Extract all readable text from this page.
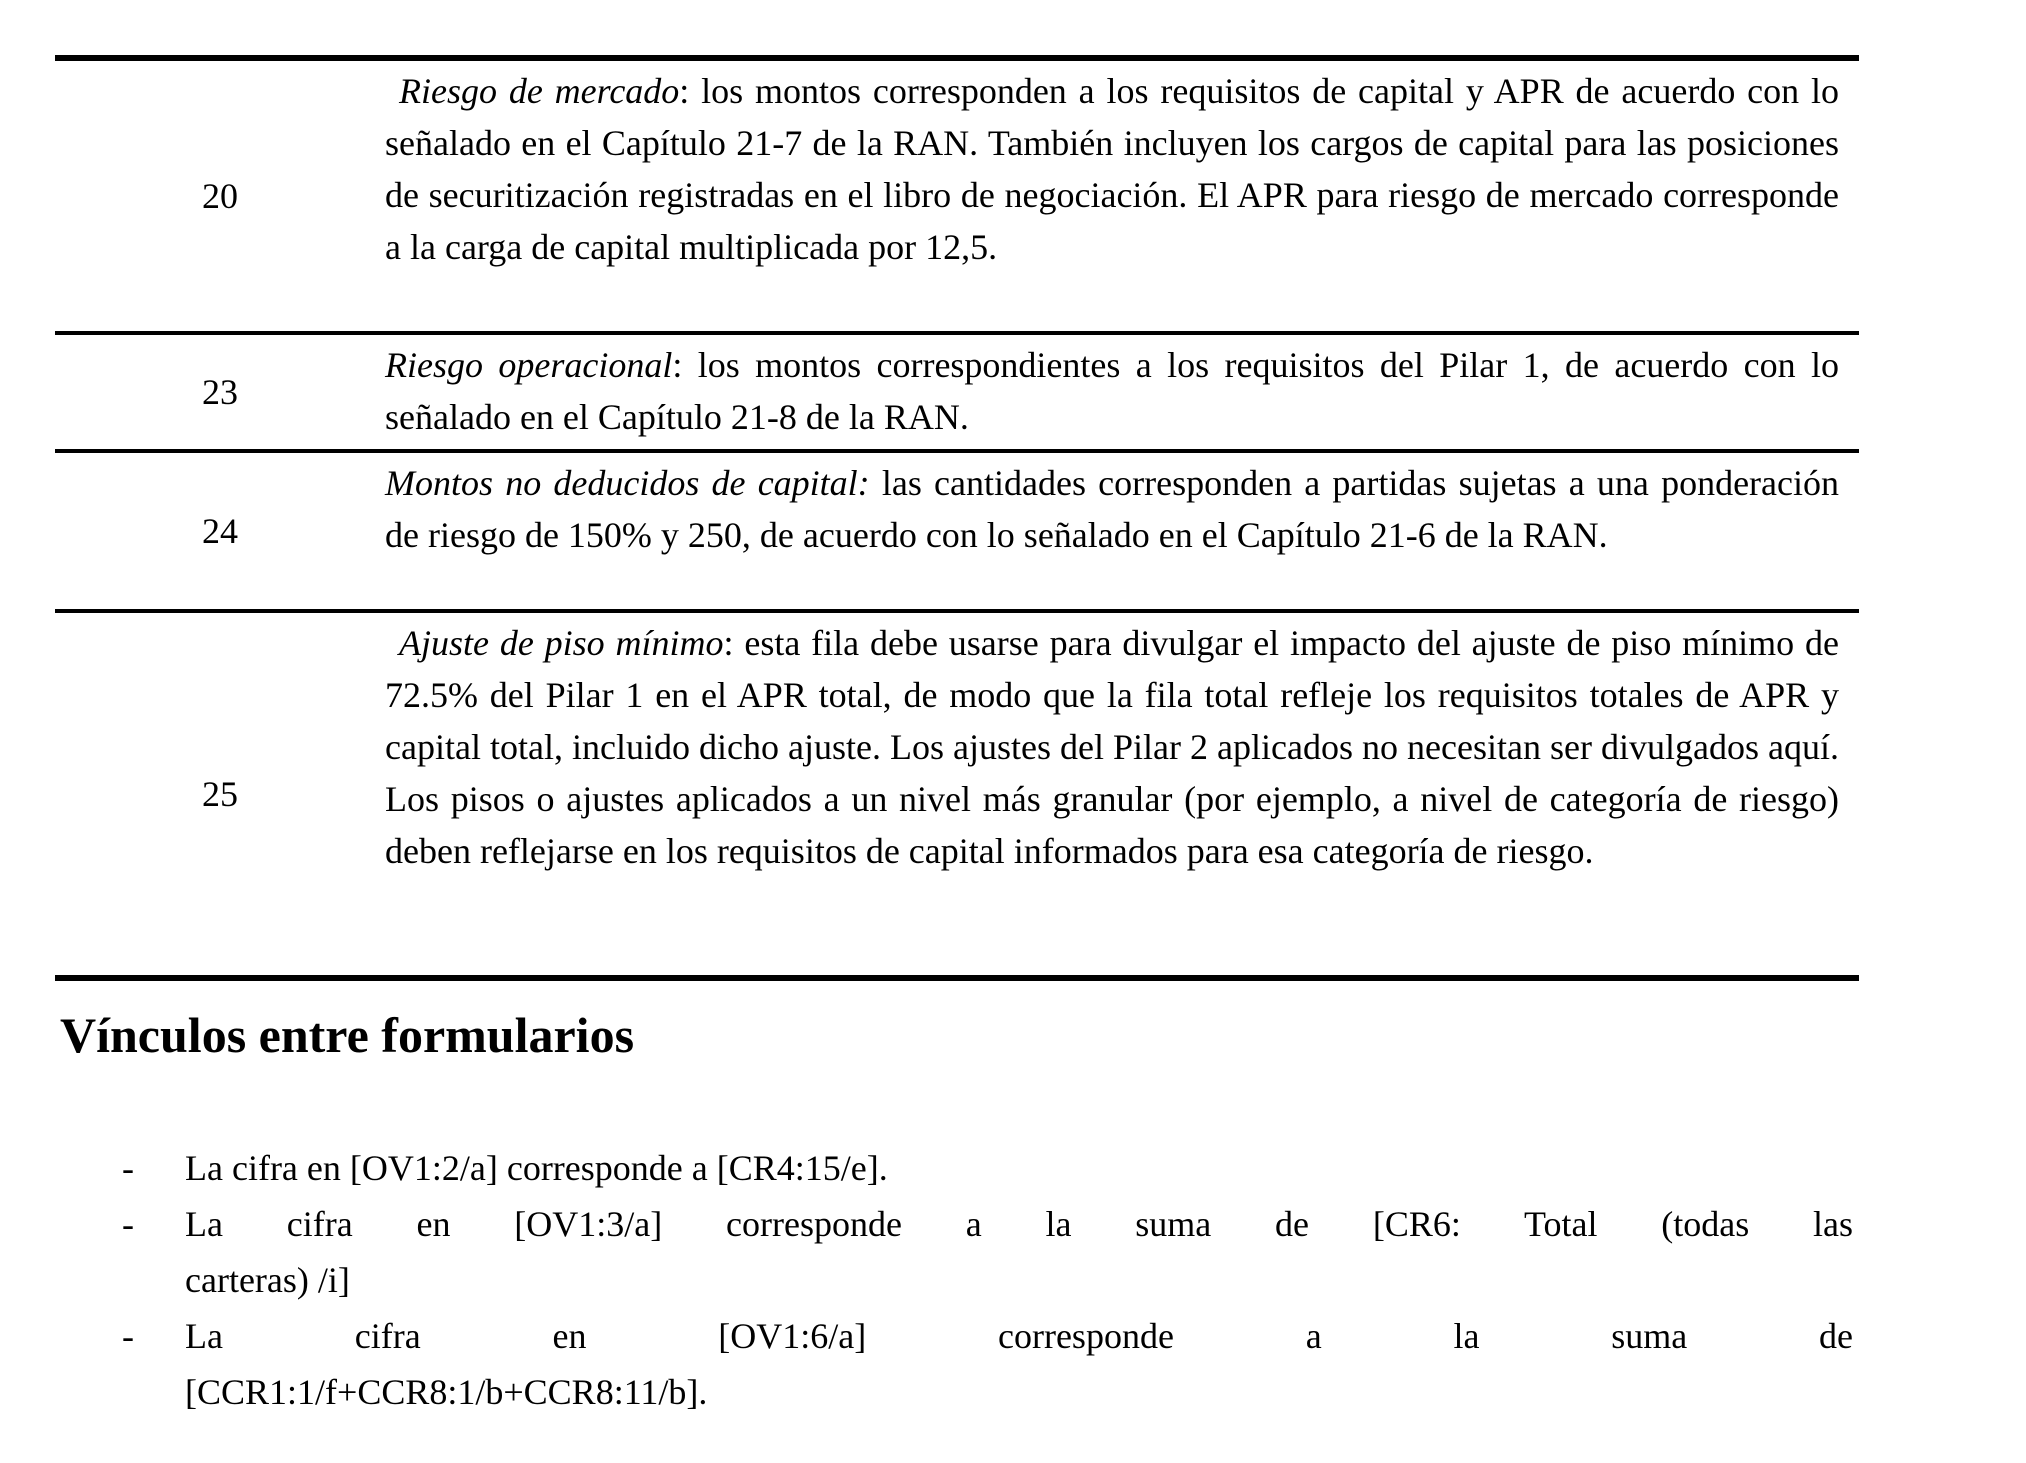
20
Riesgo de mercado: los montos corresponden a los requisitos de capital y APR de acuerdo con lo señalado en el Capítulo 21-7 de la RAN. También incluyen los cargos de capital para las posiciones de securitización registradas en el libro de negociación. El APR para riesgo de mercado corresponde a la carga de capital multiplicada por 12,5.
23
Riesgo operacional: los montos correspondientes a los requisitos del Pilar 1, de acuerdo con lo señalado en el Capítulo 21-8 de la RAN.
24
Montos no deducidos de capital: las cantidades corresponden a partidas sujetas a una ponderación de riesgo de 150% y 250, de acuerdo con lo señalado en el Capítulo 21-6 de la RAN.
25
Ajuste de piso mínimo: esta fila debe usarse para divulgar el impacto del ajuste de piso mínimo de 72.5% del Pilar 1 en el APR total, de modo que la fila total refleje los requisitos totales de APR y capital total, incluido dicho ajuste. Los ajustes del Pilar 2 aplicados no necesitan ser divulgados aquí. Los pisos o ajustes aplicados a un nivel más granular (por ejemplo, a nivel de categoría de riesgo) deben reflejarse en los requisitos de capital informados para esa categoría de riesgo.
Vínculos entre formularios
-	La cifra en [OV1:2/a] corresponde a [CR4:15/e].
-	La cifra en [OV1:3/a] corresponde a la suma de [CR6: Total (todas las
carteras) /i]
-	La cifra en [OV1:6/a] corresponde a la suma de
[CCR1:1/f+CCR8:1/b+CCR8:11/b].
